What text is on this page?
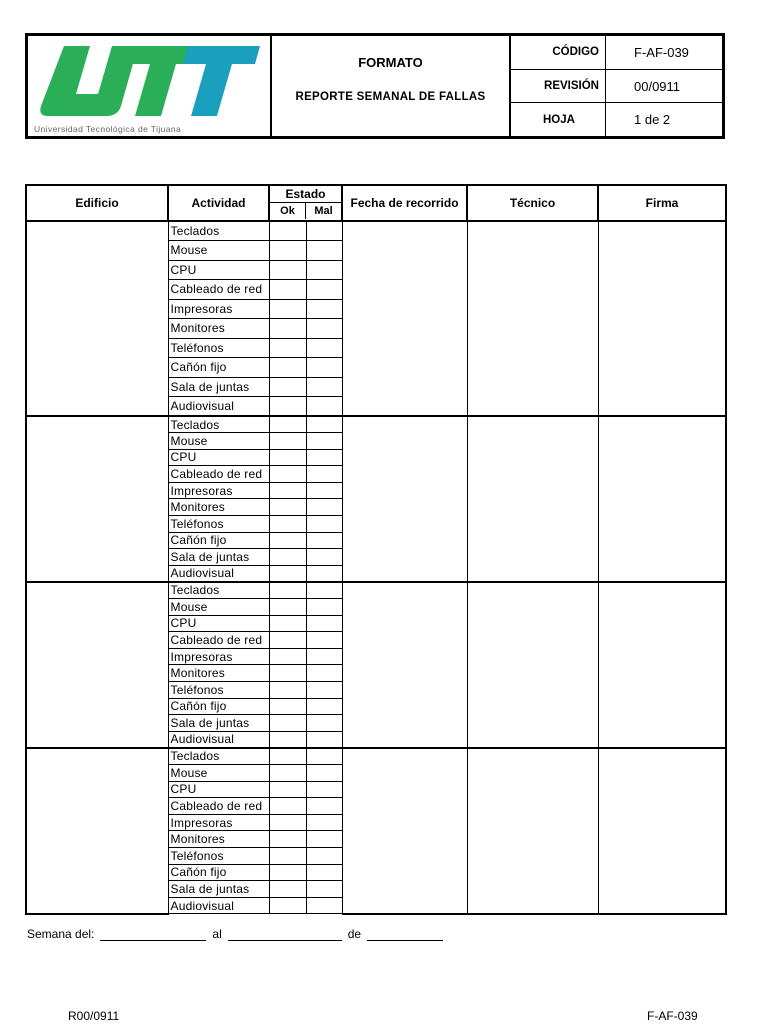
Universidad Tecnológica de Tijuana
FORMATO
REPORTE SEMANAL DE FALLAS
CÓDIGO	F-AF-039
REVISIÓN	00/0911
HOJA	1 de 2
Edificio	Actividad	Estado
Ok Mal		Fecha de recorrido	Técnico	Firma
	Teclados					
	Mouse					
	CPU					
	Cableado de red					
	Impresoras					
	Monitores					
	Teléfonos					
	Cañón fijo					
	Sala de juntas					
	Audiovisual					
	Teclados					
	Mouse					
	CPU					
	Cableado de red					
	Impresoras					
	Monitores					
	Teléfonos					
	Cañón fijo					
	Sala de juntas					
	Audiovisual					
	Teclados					
	Mouse					
	CPU					
	Cableado de red					
	Impresoras					
	Monitores					
	Teléfonos					
	Cañón fijo					
	Sala de juntas					
	Audiovisual					
	Teclados					
	Mouse					
	CPU					
	Cableado de red					
	Impresoras					
	Monitores					
	Teléfonos					
	Cañón fijo					
	Sala de juntas					
	Audiovisual					
Semana del:	al	de
R00/0911	F-AF-039
